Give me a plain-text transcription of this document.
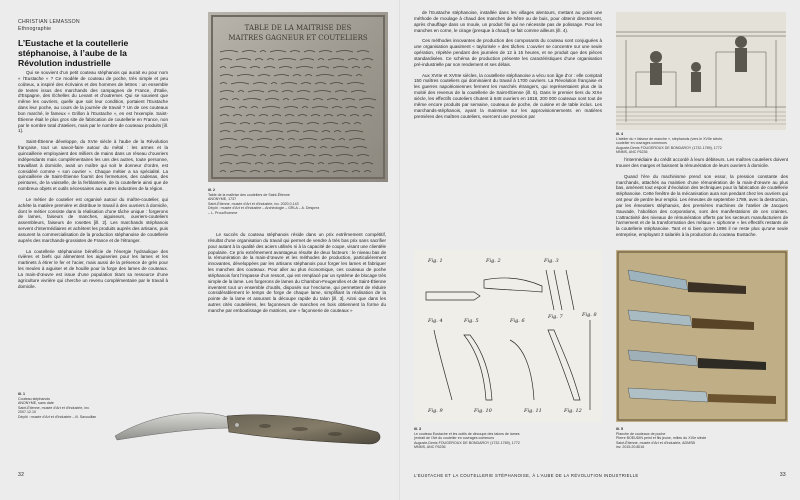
CHRISTIAN LEMASSON
Ethnographie
L’Eustache et la coutellerie stéphanoise, à l’aube de la Révolution industrielle

Qui se souvient d’un petit couteau stéphanois qui aurait eu pour nom « l’Eustache » ? Ce modèle de couteau de poche, très simple et peu coûteux, a inspiré des écrivains et des hommes de lettres : un ensemble de textes issus des marchands des campagnes de France, d’Italie, d’Espagne, des Échelles du Levant et d’outremer. Qui se souvient que même les ouvriers, quelle que soit leur condition, portaient l’Eustache dans leur poche, au cours de la journée de travail ? Un de ces couteaux bon marché, le fameux « Grillon à l’Eustache », en est l’exemple. Saint-Étienne était le plus gros site de fabrication de coutellerie en France, non par le nombre total d’ateliers, mais par le nombre de couteaux produits [ill. 1].

Saint-Étienne développe, du XVIe siècle à l’aube de la Révolution française, tout un savoir-faire autour du métal : les armes et la quincaillerie employaient des milliers de mains dans un réseau d’ouvriers indépendants mais complémentaires les uns des autres, toute personne, travaillant à domicile, avait un maître qui soit le donneur d’ordre, est considéré comme « son ouvrier ». Chaque métier a sa spécialité. La quincaillerie de Saint-Étienne fournit des fermetures, des cadenas, des peintures, de la vaisselle, de la ferblanterie, de la coutellerie ainsi que de nombreux objets et outils nécessaires aux autres industries de la région.

Le métier de coutelier est organisé autour du maître-coutelier, qui achète la matière première et distribue le travail à des ouvriers à domicile, dont le métier consiste dans la réalisation d’une tâche unique : forgerons de lames, faiseurs de manches, aiguiseurs, ouvriers-couteliers assembleurs, faiseurs de rosettes [ill. 2]. Les marchands stéphanois servent d’intermédiaires et achètent les produits auprès des artisans, puis assurent la commercialisation de la production stéphanoise de coutellerie auprès des marchands-grossistes de France et de l’étranger.

La coutellerie stéphanoise bénéficie de l’énergie hydraulique des rivières et biefs qui alimentent les aiguiseries pour les lames et les martinets à étirer le fer et l’acier, mais aussi de la présence de grès pour les meules à aiguiser et de houille pour la forge des lames de couteaux. La main-d’œuvre est issue d’une population tirant sa ressource d’une agriculture vivrière qui cherche un revenu complémentaire par le travail à domicile.

TABLE DE LA MAITRISE DES
MAITRES GAGNEUR ET COUTELIERS
ill. 2
Table de la maîtrise des couteliers de Saint-Étienne
ANONYME, 1737
Saint-Étienne, musée d’Art et d’Industrie, inv. 2020.0.143
Dépôt : musée d’Art et d’Industrie – Archéologie – GRLA – A. Desprez
– L. Proud’homme

Le succès du couteau stéphanois réside dans un prix extrêmement compétitif, résultat d’une organisation du travail qui permet de vendre à très bas prix sans sacrifier pour autant à la qualité des aciers utilisés ni à la capacité de coupe, visant une clientèle populaire. Ce prix extrêmement avantageux résulte de deux facteurs : le niveau bas de la rémunération de la main-d’œuvre et les méthodes de production, particulièrement innovantes, développées par les artisans stéphanois pour forger les lames et fabriquer les manches des couteaux. Pour aller au plus économique, ces couteaux de poche stéphanois font l’impasse d’un ressort, qui est remplacé par un système de blocage très simple de la lame. Les forgerons de lames du Chambon-Feugerolles et de Saint-Étienne inventent tout un ensemble d’outils, disposés sur l’enclume, qui permettent de réduire considérablement le temps de forge de chaque lame, simplifiant la réalisation de la pointe de la lame et assurant la découpe rapide du talon [ill. 3]. Ainsi que dans les autres cités coutelières, les façonneurs de manches en bois obtiennent la forme du manche par emboutissage de matrices, une « façonnerie de couteaux »

ill. 1
Couteau stéphanois
ANONYME, sans date
Saint-Étienne, musée d’Art et d’Industrie, inv. 2007.12.10
Dépôt : musée d’Art et d’Industrie – ill. Savouillan
32

de l’Eustache stéphanoise, installée dans les villages alentours, mettant au point une méthode de moulage à chaud des manches de hêtre ou de buis, pour obtenir directement, après chauffage dans un moule, un produit fini qui ne nécessite pas de polissage. Pour les manches en corne, le cirage (presque à chaud) se fait comme ailleurs (ill. 4).

Ces méthodes innovantes de production des composants du couteau sont conjuguées à une organisation quasiment « taylorisée » des tâches. L’ouvrier se concentre sur une seule opération, répétée pendant des journées de 12 à 15 heures, et ne produit que des pièces standardisées. Ce schéma de production présente les caractéristiques d’une organisation pré-industrielle par son rendement et ses délais.

Aux XVIIe et XVIIIe siècles, la coutellerie stéphanoise a vécu son âge d’or : elle comptait 150 maîtres couteliers qui dominaient du travail à 1700 ouvriers. La Révolution française et les guerres napoléoniennes ferment les marchés étrangers, qui représentaient plus de la moitié des revenus de la coutellerie de Saint-Étienne (ill. 5). Dans le premier tiers du XIXe siècle, les effectifs couteliers chutent à 648 ouvriers en 1818, 200 000 couteaux sont tout de même encore produits par semaine, couteaux de poche, de cuisine et de table inclus. Les marchands-stéphanois, ayant la mainmise sur les approvisionnements en matières premières des maîtres couteliers, exercent une pression par

ill. 4
L’atelier du « faiseur de manche », stéphanois (vers le XVIIe siècle,
coutelier en ouvrages communs
Auguste-Denis FOUGEROUX DE BONDAROY (1732-1789), 1772
MNMS, ANC F6236

l’intermédiaire du crédit accordé à leurs débiteurs. Les maîtres couteliers doivent trouver des marges et baissent la rémunération de leurs ouvriers à domicile.

Quand l’ère du machinisme prend son essor, la pression constante des marchands, attachés au maintien d’une rémunération de la main-d’œuvre au plus bas, amènent tout espoir d’évolution des techniques pour la fabrication de coutellerie stéphanoise. Cette fenêtre de la mécanisation aura son pendant chez les ouvriers qui ont peur de perdre leur emploi. Les émeutes de septembre 1789, avec la destruction, par les émeutiers stéphanois, des premières machines de l’atelier de Jacques Sauvade, l’abolition des corporations, sont des manifestations de ces craintes. L’attractivité des niveaux de rémunération offerts par les secteurs manufacturiers de l’armement et de la transformation des métaux « siphonne » les effectifs restants de la coutellerie stéphanoise. Tant et si bien qu’en 1896 il ne reste plus qu’une seule entreprise, employant 3 salariés à la production du couteau Eustache.

Fig. 1	Fig. 2	Fig. 3
Fig. 4	Fig. 5	Fig. 6
Fig. 7	Fig. 8
Fig. 9	Fig. 10	Fig. 11	Fig. 12
ill. 3
Le couteau Eustache et les outils de découpe des talons de lames
(extrait de l’Art du coutelier en ouvrages communs
Auguste-Denis FOUGEROUX DE BONDAROY (1732-1789), 1772
MNMS, ANC F6236
ill. 5
Planche de couteaux de poche
Pierre BOEUDIN peint et fils jeune, milieu du XIXe siècle
Saint-Étienne, musée d’Art et d’Industrie, ADMSB
inv. 2015.20.8016
L’EUSTACHE ET LA COUTELLERIE STÉPHANOISE, À L’AUBE DE LA RÉVOLUTION INDUSTRIELLE	33
